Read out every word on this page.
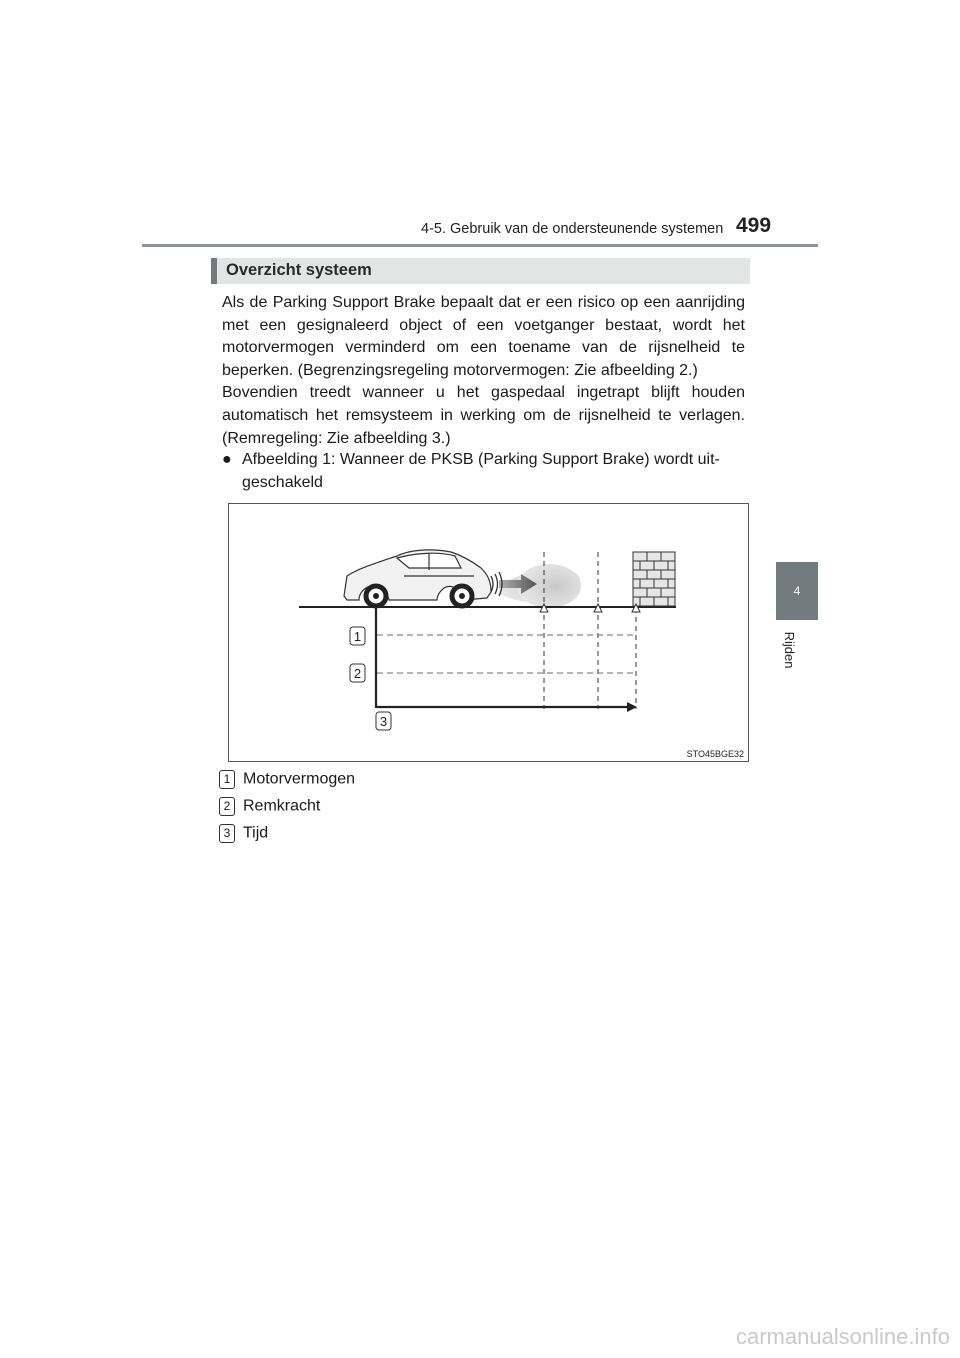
4-5. Gebruik van de ondersteunende systemen 499
4
Rijden
Overzicht systeem

Als de Parking Support Brake bepaalt dat er een risico op een aanrijding met een gesignaleerd object of een voetganger bestaat, wordt het motorvermogen verminderd om een toename van de rijsnelheid te beperken. (Begrenzingsregeling motorvermogen: Zie afbeelding 2.)

Bovendien treedt wanneer u het gaspedaal ingetrapt blijft houden automatisch het remsysteem in werking om de rijsnelheid te verlagen. (Remregeling: Zie afbeelding 3.)

● Afbeelding 1: Wanneer de PKSB (Parking Support Brake) wordt uitgeschakeld
1
2
3
STO45BGE32
1 Motorvermogen
2 Remkracht
3 Tijd
carmanualsonline.info
